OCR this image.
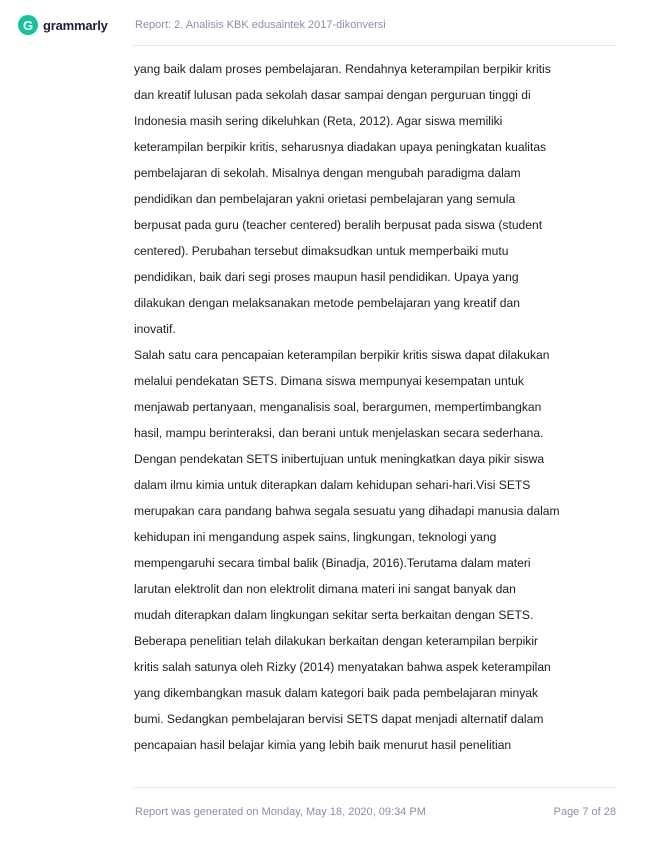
G grammarly Report: 2. Analisis KBK edusaintek 2017-dikonversi
yang baik dalam proses pembelajaran. Rendahnya keterampilan berpikir kritis
dan kreatif lulusan pada sekolah dasar sampai dengan perguruan tinggi di
Indonesia masih sering dikeluhkan (Reta, 2012). Agar siswa memiliki
keterampilan berpikir kritis, seharusnya diadakan upaya peningkatan kualitas
pembelajaran di sekolah. Misalnya dengan mengubah paradigma dalam
pendidikan dan pembelajaran yakni orietasi pembelajaran yang semula
berpusat pada guru (teacher centered) beralih berpusat pada siswa (student
centered). Perubahan tersebut dimaksudkan untuk memperbaiki mutu
pendidikan, baik dari segi proses maupun hasil pendidikan. Upaya yang
dilakukan dengan melaksanakan metode pembelajaran yang kreatif dan
inovatif.
Salah satu cara pencapaian keterampilan berpikir kritis siswa dapat dilakukan
melalui pendekatan SETS. Dimana siswa mempunyai kesempatan untuk
menjawab pertanyaan, menganalisis soal, berargumen, mempertimbangkan
hasil, mampu berinteraksi, dan berani untuk menjelaskan secara sederhana.
Dengan pendekatan SETS inibertujuan untuk meningkatkan daya pikir siswa
dalam ilmu kimia untuk diterapkan dalam kehidupan sehari-hari.Visi SETS
merupakan cara pandang bahwa segala sesuatu yang dihadapi manusia dalam
kehidupan ini mengandung aspek sains, lingkungan, teknologi yang
mempengaruhi secara timbal balik (Binadja, 2016).Terutama dalam materi
larutan elektrolit dan non elektrolit dimana materi ini sangat banyak dan
mudah diterapkan dalam lingkungan sekitar serta berkaitan dengan SETS.
Beberapa penelitian telah dilakukan berkaitan dengan keterampilan berpikir
kritis salah satunya oleh Rizky (2014) menyatakan bahwa aspek keterampilan
yang dikembangkan masuk dalam kategori baik pada pembelajaran minyak
bumi. Sedangkan pembelajaran bervisi SETS dapat menjadi alternatif dalam
pencapaian hasil belajar kimia yang lebih baik menurut hasil penelitian
Report was generated on Monday, May 18, 2020, 09:34 PM	Page 7 of 28
